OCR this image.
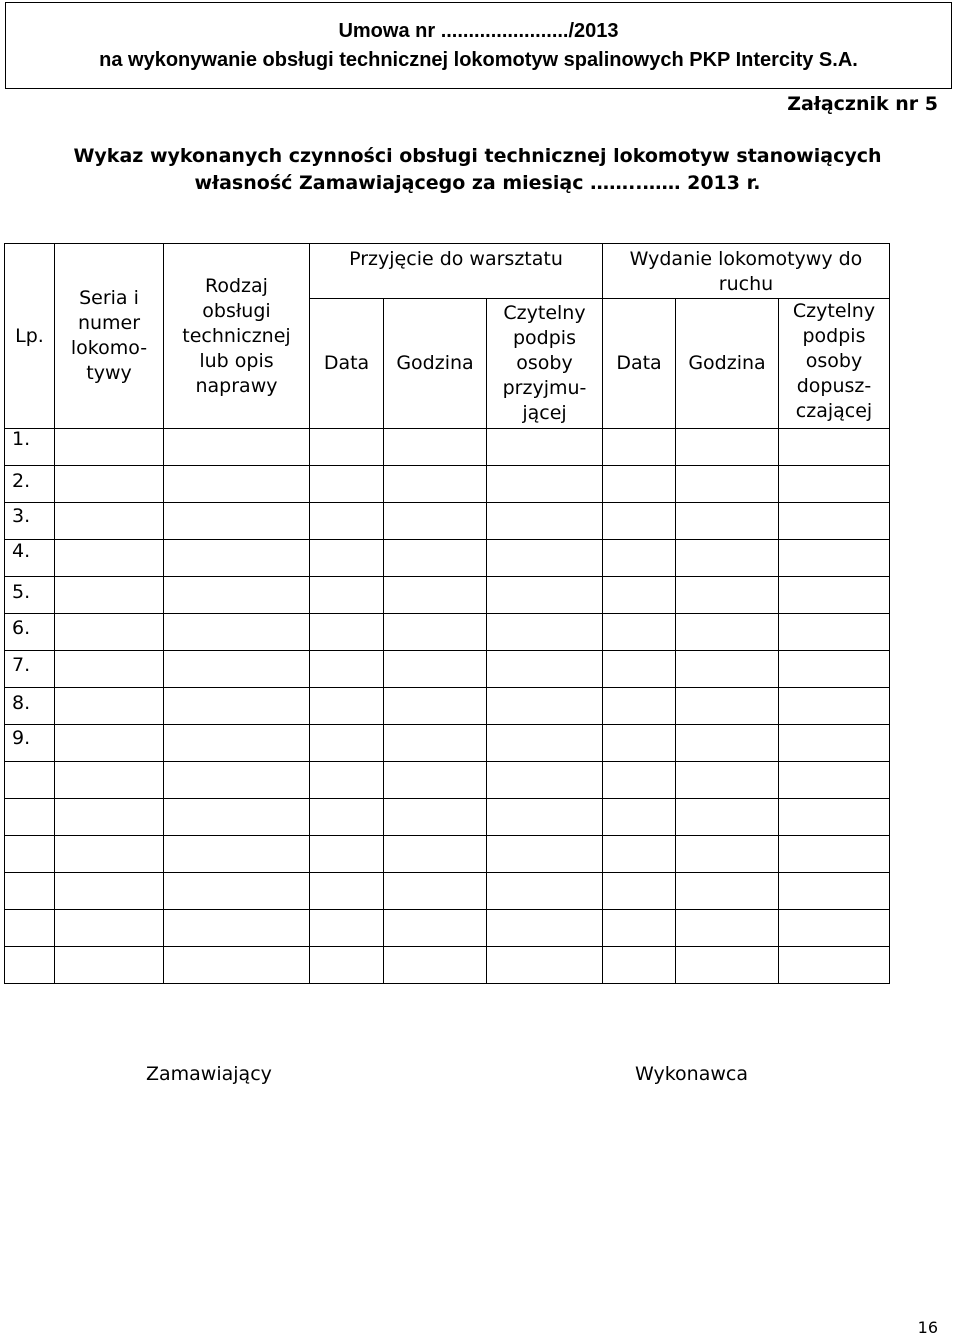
Umowa nr ......................./2013
na wykonywanie obsługi technicznej lokomotyw spalinowych PKP Intercity S.A.
Załącznik nr 5
Wykaz wykonanych czynności obsługi technicznej lokomotyw stanowiących
własność Zamawiającego za miesiąc ……..…… 2013 r.
Lp.
Seria i
numer
lokomo-
tywy
Rodzaj
obsługi
technicznej
lub opis
naprawy
Przyjęcie do warsztatu
Data Godzina
Czytelny
podpis
osoby
przyjmu-
jącej
Wydanie lokomotywy do
ruchu
Data Godzina
Czytelny
podpis
osoby
dopusz-
czającej
1.
2.
3.
4.
5.
6.
7.
8.
9.
Zamawiający	Wykonawca
16
